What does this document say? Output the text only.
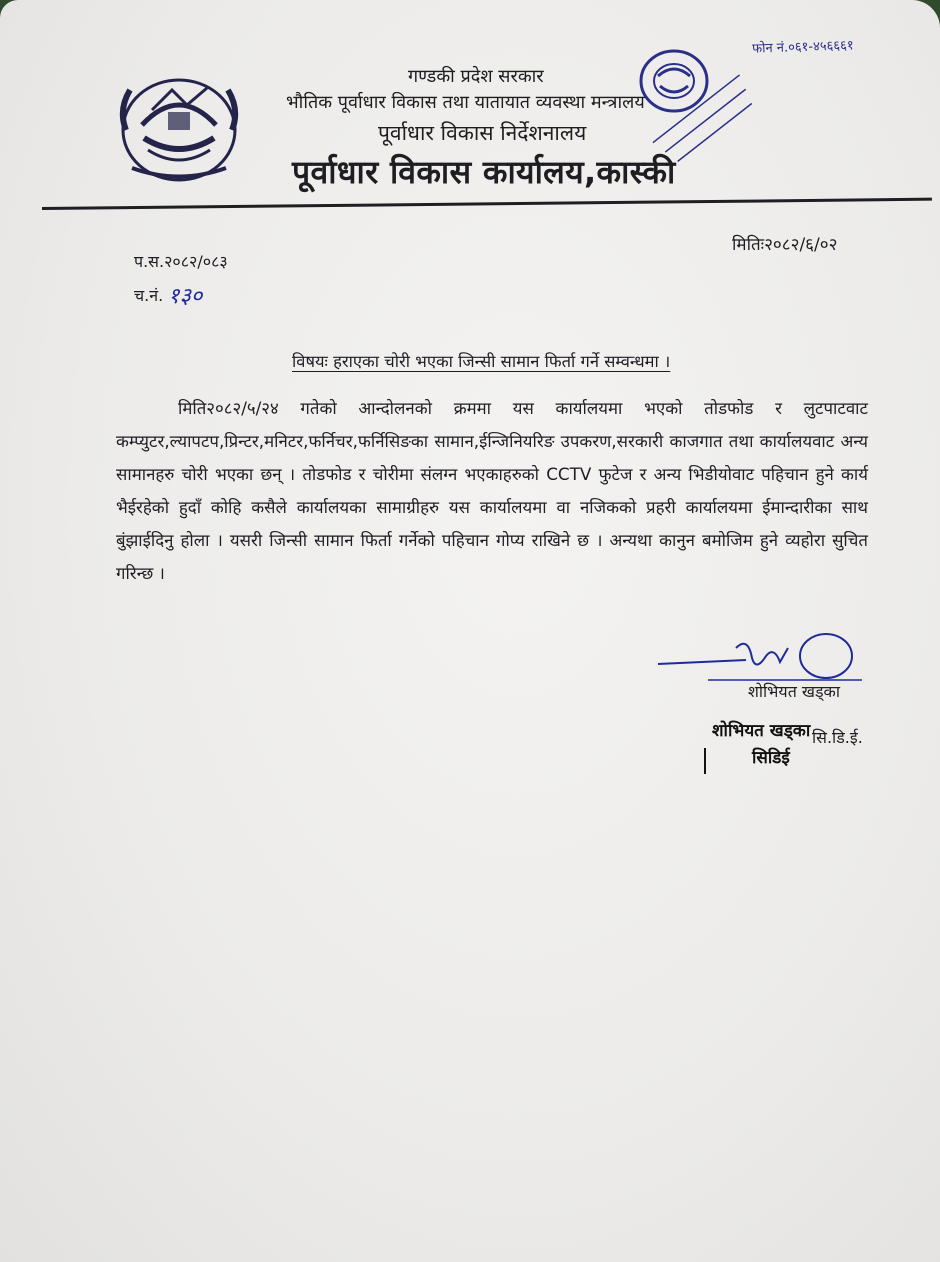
गण्डकी प्रदेश सरकार
भौतिक पूर्वाधार विकास तथा यातायात व्यवस्था मन्त्रालय
पूर्वाधार विकास निर्देशनालय
पूर्वाधार विकास कार्यालय,कास्की
फोन नं.०६१-४५६६६१
प.स.२०८२/०८३
च.नं. १३०
मितिः२०८२/६/०२
विषयः हराएका चोरी भएका जिन्सी सामान फिर्ता गर्ने सम्वन्धमा ।
मिति२०८२/५/२४ गतेको आन्दोलनको क्रममा यस कार्यालयमा भएको तोडफोड र लुटपाटवाट कम्प्युटर,ल्यापटप,प्रिन्टर,मनिटर,फर्निचर,फर्निसिङका सामान,ईन्जिनियरिङ उपकरण,सरकारी काजगात तथा कार्यालयवाट अन्य सामानहरु चोरी भएका छन् । तोडफोड र चोरीमा संलग्न भएकाहरुको CCTV फुटेज र अन्य भिडीयोवाट पहिचान हुने कार्य भैईरहेको हुदाँ कोहि कसैले कार्यालयका सामाग्रीहरु यस कार्यालयमा वा नजिकको प्रहरी कार्यालयमा ईमान्दारीका साथ बुंझाईदिनु होला । यसरी जिन्सी सामान फिर्ता गर्नेको पहिचान गोप्य राखिने छ । अन्यथा कानुन बमोजिम हुने व्यहोरा सुचित गरिन्छ ।
शोभियत खड्का
सि.डि.ई.
शोभियत खड्का
सिडिई
